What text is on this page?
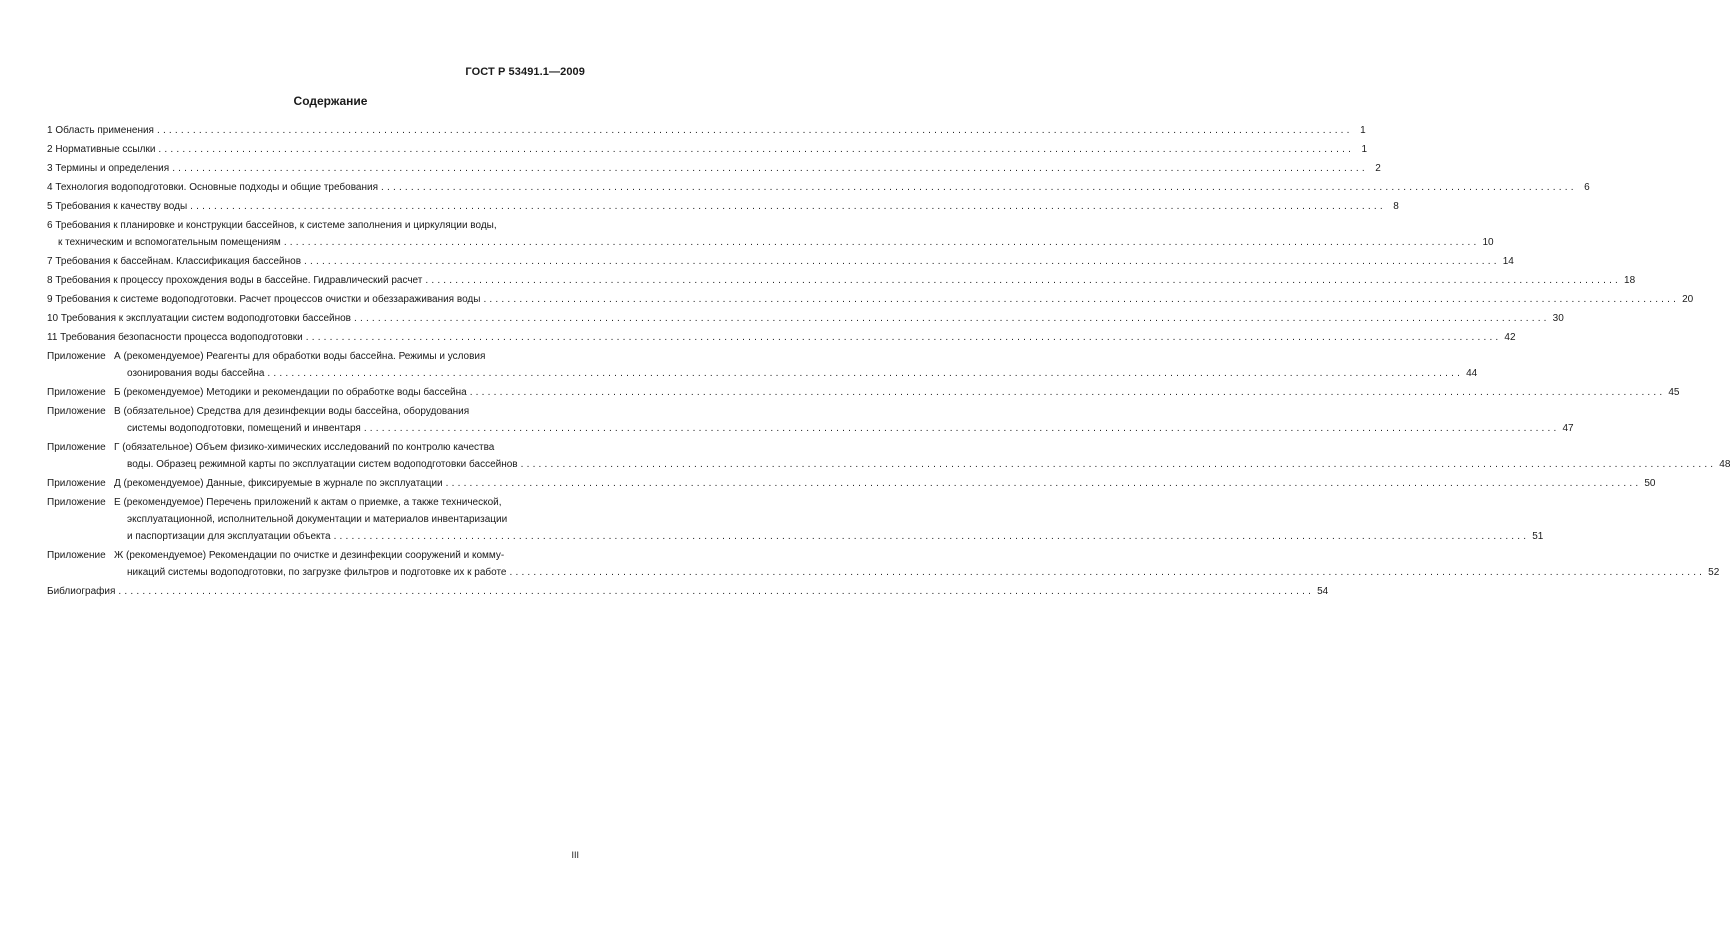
ГОСТ Р 53491.1—2009
Содержание
1 Область применения ........................................................................................................................................................................................................ 1
2 Нормативные ссылки ........................................................................................................................................................................................................ 1
3 Термины и определения ........................................................................................................................................................................................................ 2
4 Технология водоподготовки. Основные подходы и общие требования ........................................................................................................................................................................................................ 6
5 Требования к качеству воды ........................................................................................................................................................................................................ 8
6 Требования к планировке и конструкции бассейнов, к системе заполнения и циркуляции воды,
к техническим и вспомогательным помещениям ........................................................................................................................................................................................................ 10
7 Требования к бассейнам. Классификация бассейнов ........................................................................................................................................................................................................ 14
8 Требования к процессу прохождения воды в бассейне. Гидравлический расчет ........................................................................................................................................................................................................ 18
9 Требования к системе водоподготовки. Расчет процессов очистки и обеззараживания воды ........................................................................................................................................................................................................ 20
10 Требования к эксплуатации систем водоподготовки бассейнов ........................................................................................................................................................................................................ 30
11 Требования безопасности процесса водоподготовки ........................................................................................................................................................................................................ 42
Приложение А (рекомендуемое) Реагенты для обработки воды бассейна. Режимы и условия
озонирования воды бассейна ........................................................................................................................................................................................................ 44
Приложение Б (рекомендуемое) Методики и рекомендации по обработке воды бассейна ........................................................................................................................................................................................................ 45
Приложение В (обязательное) Средства для дезинфекции воды бассейна, оборудования
системы водоподготовки, помещений и инвентаря ........................................................................................................................................................................................................ 47
Приложение Г (обязательное) Объем физико-химических исследований по контролю качества
воды. Образец режимной карты по эксплуатации систем водоподготовки бассейнов ........................................................................................................................................................................................................ 48
Приложение Д (рекомендуемое) Данные, фиксируемые в журнале по эксплуатации ........................................................................................................................................................................................................ 50
Приложение Е (рекомендуемое) Перечень приложений к актам о приемке, а также технической,
эксплуатационной, исполнительной документации и материалов инвентаризации
и паспортизации для эксплуатации объекта ........................................................................................................................................................................................................ 51
Приложение Ж (рекомендуемое) Рекомендации по очистке и дезинфекции сооружений и комму-
никаций системы водоподготовки, по загрузке фильтров и подготовке их к работе ........................................................................................................................................................................................................ 52
Библиография ........................................................................................................................................................................................................ 54
III
